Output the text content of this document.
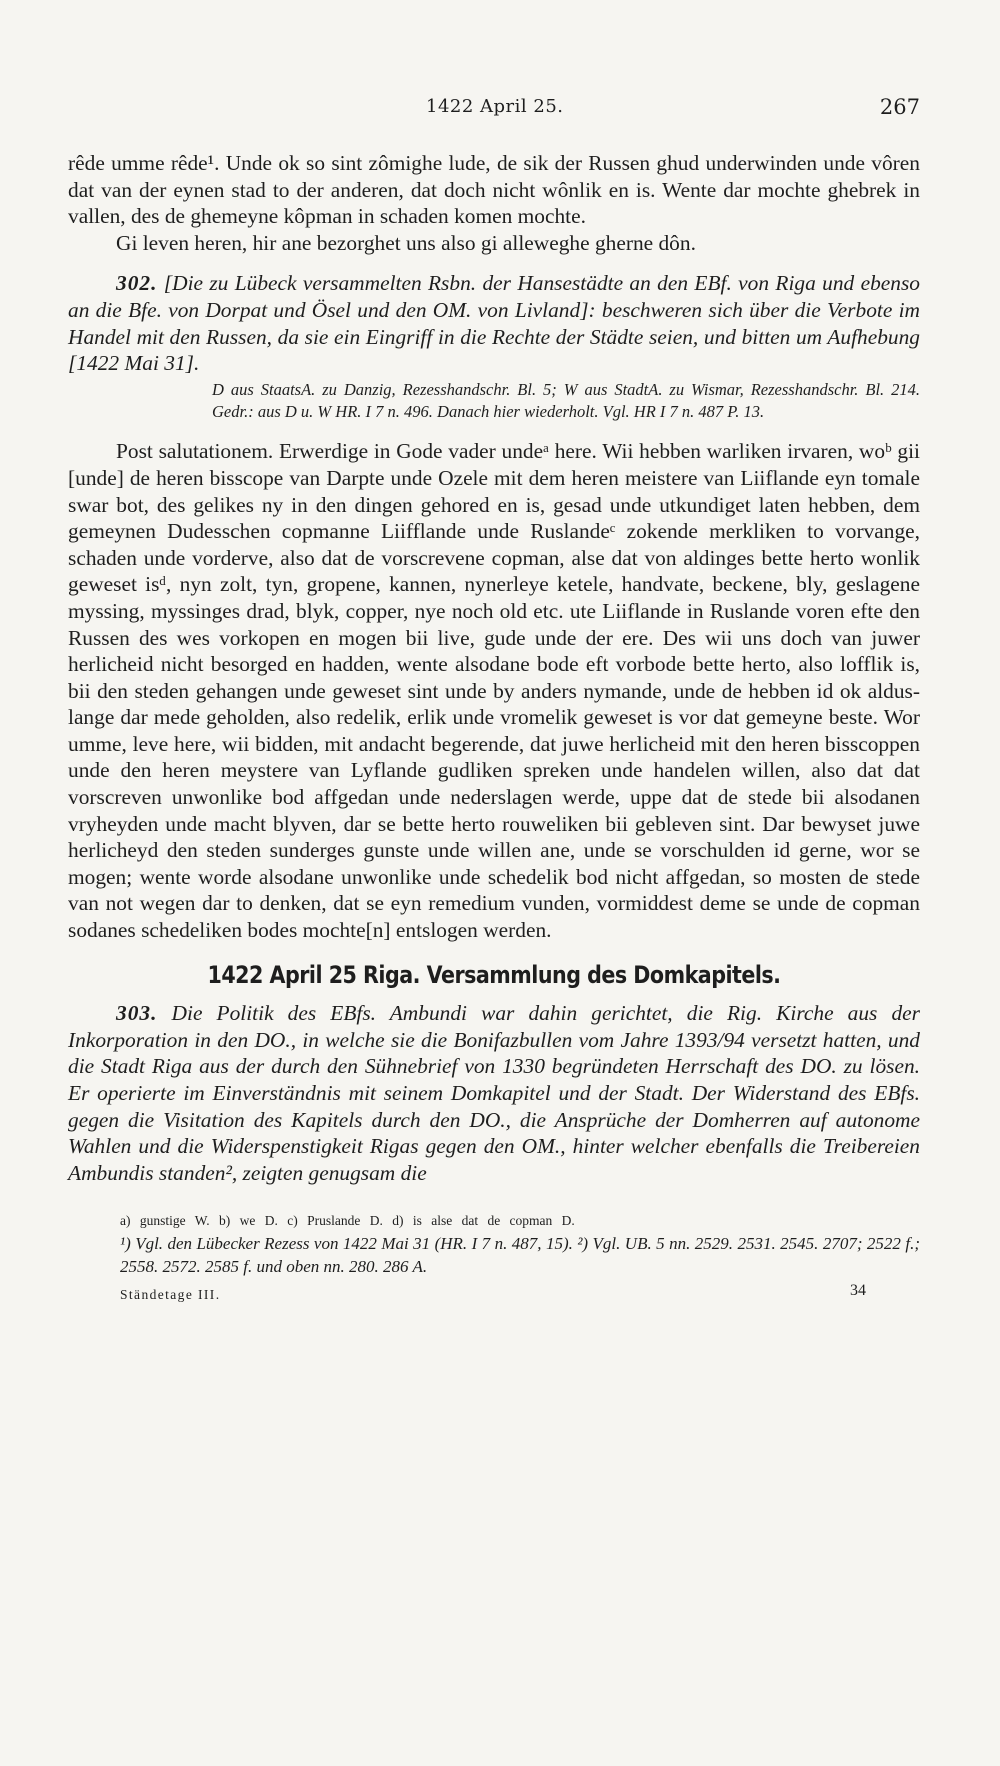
1422 April 25.	267

rêde umme rêde¹. Unde ok so sint zômighe lude, de sik der Russen ghud underwinden unde vôren dat van der eynen stad to der anderen, dat doch nicht wônlik en is. Wente dar mochte ghebrek in vallen, des de ghemeyne kôpman in schaden komen mochte.

Gi leven heren, hir ane bezorghet uns also gi alleweghe gherne dôn.

302. [Die zu Lübeck versammelten Rsbn. der Hansestädte an den EBf. von Riga und ebenso an die Bfe. von Dorpat und Ösel und den OM. von Livland]: beschweren sich über die Verbote im Handel mit den Russen, da sie ein Eingriff in die Rechte der Städte seien, und bitten um Aufhebung [1422 Mai 31].

D aus StaatsA. zu Danzig, Rezesshandschr. Bl. 5; W aus StadtA. zu Wismar, Rezesshandschr. Bl. 214. Gedr.: aus D u. W HR. I 7 n. 496. Danach hier wiederholt. Vgl. HR I 7 n. 487 P. 13.

Post salutationem. Erwerdige in Gode vader undeᵃ here. Wii hebben warliken irvaren, woᵇ gii [unde] de heren bisscope van Darpte unde Ozele mit dem heren meistere van Liiflande eyn tomale swar bot, des gelikes ny in den dingen gehored en is, gesad unde utkundiget laten hebben, dem gemeynen Dudesschen copmanne Liifflande unde Ruslandeᶜ zokende merkliken to vorvange, schaden unde vorderve, also dat de vorscrevene copman, alse dat von aldinges bette herto wonlik geweset isᵈ, nyn zolt, tyn, gropene, kannen, nynerleye ketele, handvate, beckene, bly, geslagene myssing, myssinges drad, blyk, copper, nye noch old etc. ute Liiflande in Ruslande voren efte den Russen des wes vorkopen en mogen bii live, gude unde der ere. Des wii uns doch van juwer herlicheid nicht besorged en hadden, wente alsodane bode eft vorbode bette herto, also lofflik is, bii den steden gehangen unde geweset sint unde by anders nymande, unde de hebben id ok alduslange dar mede geholden, also redelik, erlik unde vromelik geweset is vor dat gemeyne beste. Wor umme, leve here, wii bidden, mit andacht begerende, dat juwe herlicheid mit den heren bisscoppen unde den heren meystere van Lyflande gudliken spreken unde handelen willen, also dat dat vorscreven unwonlike bod affgedan unde nederslagen werde, uppe dat de stede bii alsodanen vryheyden unde macht blyven, dar se bette herto rouweliken bii gebleven sint. Dar bewyset juwe herlicheyd den steden sunderges gunste unde willen ane, unde se vorschulden id gerne, wor se mogen; wente worde alsodane unwonlike unde schedelik bod nicht affgedan, so mosten de stede van not wegen dar to denken, dat se eyn remedium vunden, vormiddest deme se unde de copman sodanes schedeliken bodes mochte[n] entslogen werden.

1422 April 25 Riga. Versammlung des Domkapitels.

303. Die Politik des EBfs. Ambundi war dahin gerichtet, die Rig. Kirche aus der Inkorporation in den DO., in welche sie die Bonifazbullen vom Jahre 1393/94 versetzt hatten, und die Stadt Riga aus der durch den Sühnebrief von 1330 begründeten Herrschaft des DO. zu lösen. Er operierte im Einverständnis mit seinem Domkapitel und der Stadt. Der Widerstand des EBfs. gegen die Visitation des Kapitels durch den DO., die Ansprüche der Domherren auf autonome Wahlen und die Widerspenstigkeit Rigas gegen den OM., hinter welcher ebenfalls die Treibereien Ambundis standen², zeigten genugsam die

a) gunstige W. b) we D. c) Pruslande D. d) is alse dat de copman D.
¹) Vgl. den Lübecker Rezess von 1422 Mai 31 (HR. I 7 n. 487, 15). ²) Vgl. UB. 5 nn. 2529. 2531. 2545. 2707; 2522 f.; 2558. 2572. 2585 f. und oben nn. 280. 286 A.
Ständetage III.	34
